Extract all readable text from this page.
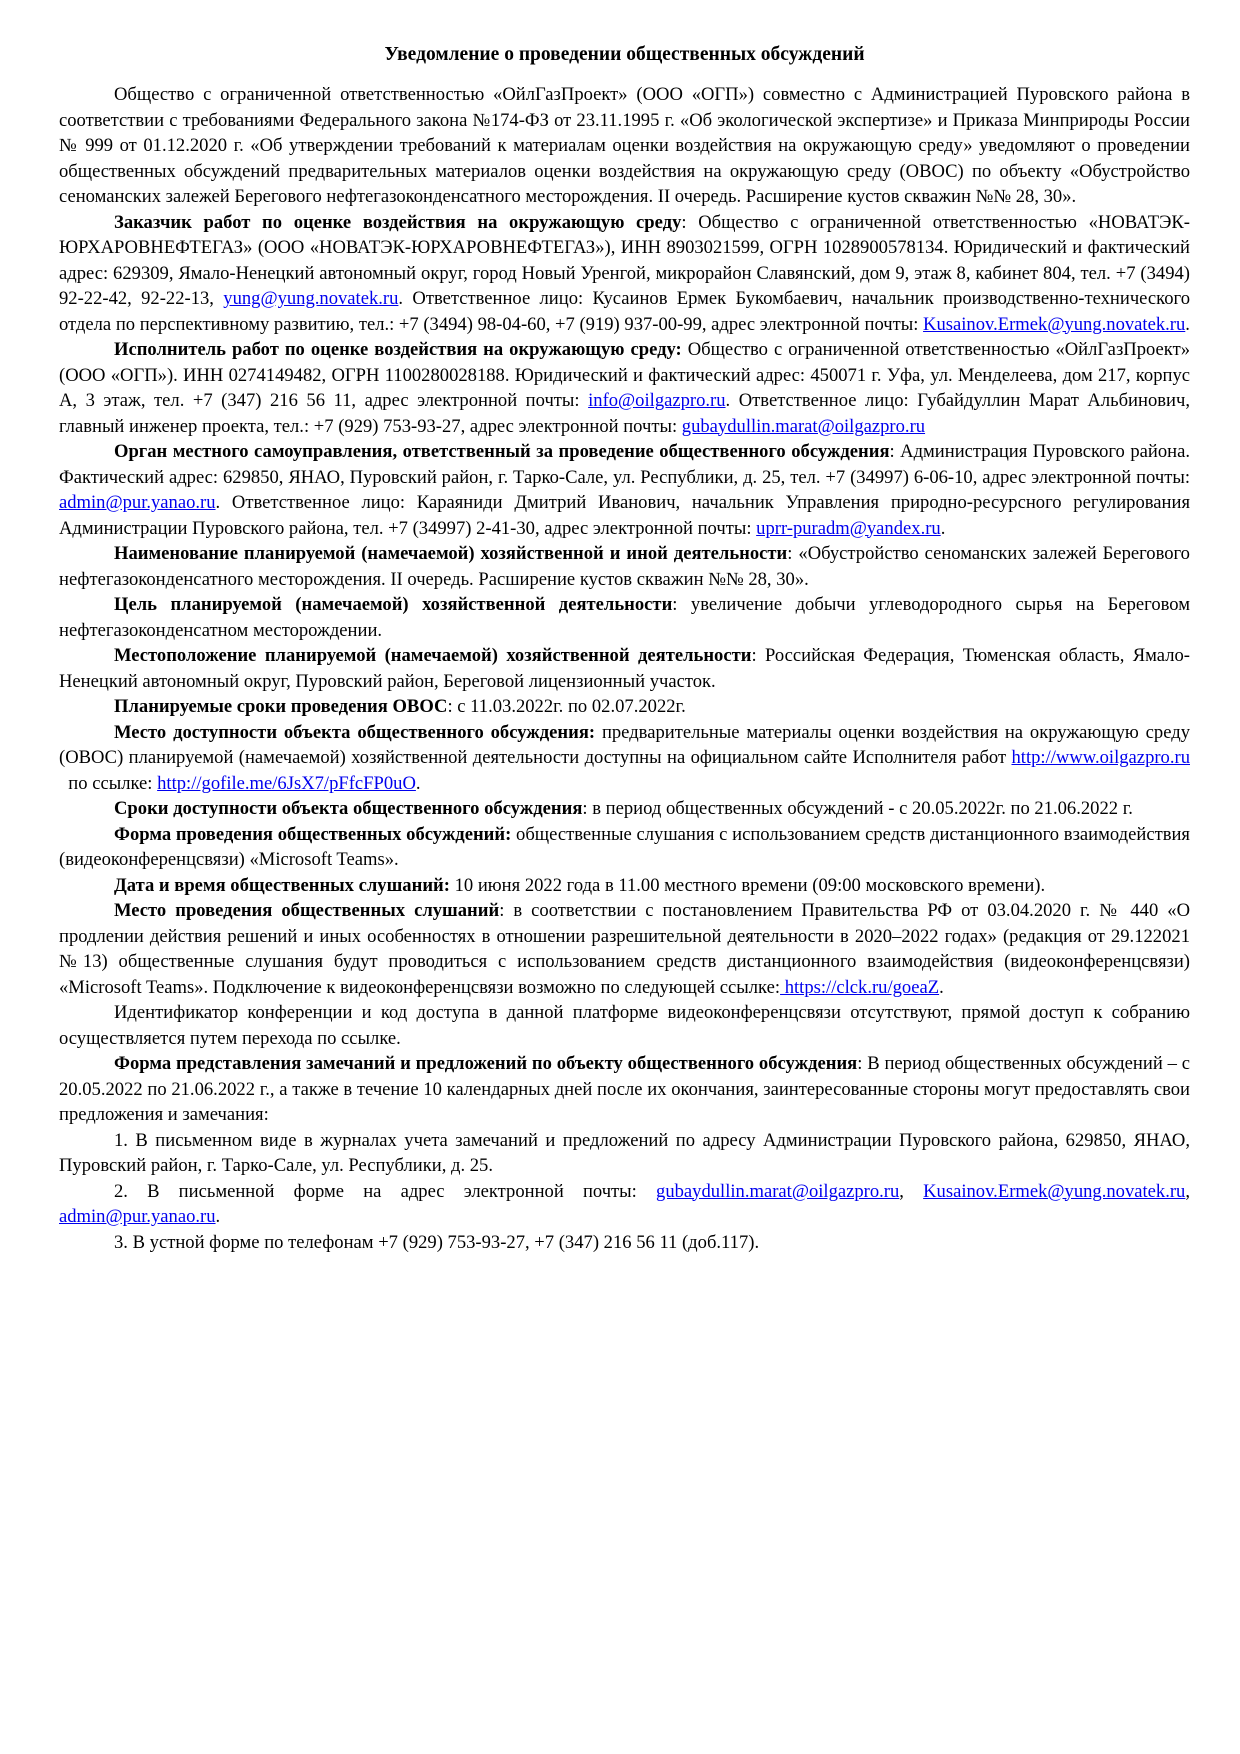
Уведомление о проведении общественных обсуждений

Общество с ограниченной ответственностью «ОйлГазПроект» (ООО «ОГП») совместно с Администрацией Пуровского района в соответствии с требованиями Федерального закона №174-ФЗ от 23.11.1995 г. «Об экологической экспертизе» и Приказа Минприроды России № 999 от 01.12.2020 г. «Об утверждении требований к материалам оценки воздействия на окружающую среду» уведомляют о проведении общественных обсуждений предварительных материалов оценки воздействия на окружающую среду (ОВОС) по объекту «Обустройство сеноманских залежей Берегового нефтегазоконденсатного месторождения. II очередь. Расширение кустов скважин №№ 28, 30».

Заказчик работ по оценке воздействия на окружающую среду: Общество с ограниченной ответственностью «НОВАТЭК-ЮРХАРОВНЕФТЕГАЗ» (ООО «НОВАТЭК-ЮРХАРОВНЕФТЕГАЗ»), ИНН 8903021599, ОГРН 1028900578134. Юридический и фактический адрес: 629309, Ямало-Ненецкий автономный округ, город Новый Уренгой, микрорайон Славянский, дом 9, этаж 8, кабинет 804, тел. +7 (3494) 92-22-42, 92-22-13, yung@yung.novatek.ru. Ответственное лицо: Кусаинов Ермек Букомбаевич, начальник производственно-технического отдела по перспективному развитию, тел.: +7 (3494) 98-04-60, +7 (919) 937-00-99, адрес электронной почты: Kusainov.Ermek@yung.novatek.ru.

Исполнитель работ по оценке воздействия на окружающую среду: Общество с ограниченной ответственностью «ОйлГазПроект» (ООО «ОГП»). ИНН 0274149482, ОГРН 1100280028188. Юридический и фактический адрес: 450071 г. Уфа, ул. Менделеева, дом 217, корпус А, 3 этаж, тел. +7 (347) 216 56 11, адрес электронной почты: info@oilgazpro.ru. Ответственное лицо: Губайдуллин Марат Альбинович, главный инженер проекта, тел.: +7 (929) 753-93-27, адрес электронной почты: gubaydullin.marat@oilgazpro.ru

Орган местного самоуправления, ответственный за проведение общественного обсуждения: Администрация Пуровского района. Фактический адрес: 629850, ЯНАО, Пуровский район, г. Тарко-Сале, ул. Республики, д. 25, тел. +7 (34997) 6-06-10, адрес электронной почты: admin@pur.yanao.ru. Ответственное лицо: Караяниди Дмитрий Иванович, начальник Управления природно-ресурсного регулирования Администрации Пуровского района, тел. +7 (34997) 2-41-30, адрес электронной почты: uprr-puradm@yandex.ru.

Наименование планируемой (намечаемой) хозяйственной и иной деятельности: «Обустройство сеноманских залежей Берегового нефтегазоконденсатного месторождения. II очередь. Расширение кустов скважин №№ 28, 30».

Цель планируемой (намечаемой) хозяйственной деятельности: увеличение добычи углеводородного сырья на Береговом нефтегазоконденсатном месторождении.

Местоположение планируемой (намечаемой) хозяйственной деятельности: Российская Федерация, Тюменская область, Ямало-Ненецкий автономный округ, Пуровский район, Береговой лицензионный участок.

Планируемые сроки проведения ОВОС: с 11.03.2022г. по 02.07.2022г.

Место доступности объекта общественного обсуждения: предварительные материалы оценки воздействия на окружающую среду (ОВОС) планируемой (намечаемой) хозяйственной деятельности доступны на официальном сайте Исполнителя работ http://www.oilgazpro.ru  по ссылке: http://gofile.me/6JsX7/pFfcFP0uO.

Сроки доступности объекта общественного обсуждения: в период общественных обсуждений - с 20.05.2022г. по 21.06.2022 г.

Форма проведения общественных обсуждений: общественные слушания с использованием средств дистанционного взаимодействия (видеоконференцсвязи) «Microsoft Teams».

Дата и время общественных слушаний: 10 июня 2022 года в 11.00 местного времени (09:00 московского времени).

Место проведения общественных слушаний: в соответствии с постановлением Правительства РФ от 03.04.2020 г. № 440 «О продлении действия решений и иных особенностях в отношении разрешительной деятельности в 2020–2022 годах» (редакция от 29.122021 №13) общественные слушания будут проводиться с использованием средств дистанционного взаимодействия (видеоконференцсвязи) «Microsoft Teams». Подключение к видеоконференцсвязи возможно по следующей ссылке: https://clck.ru/goeaZ.

Идентификатор конференции и код доступа в данной платформе видеоконференцсвязи отсутствуют, прямой доступ к собранию осуществляется путем перехода по ссылке.

Форма представления замечаний и предложений по объекту общественного обсуждения: В период общественных обсуждений – с 20.05.2022 по 21.06.2022 г., а также в течение 10 календарных дней после их окончания, заинтересованные стороны могут предоставлять свои предложения и замечания:

1. В письменном виде в журналах учета замечаний и предложений по адресу Администрации Пуровского района, 629850, ЯНАО, Пуровский район, г. Тарко-Сале, ул. Республики, д. 25.

2. В письменной форме на адрес электронной почты: gubaydullin.marat@oilgazpro.ru, Kusainov.Ermek@yung.novatek.ru, admin@pur.yanao.ru.

3. В устной форме по телефонам +7 (929) 753-93-27, +7 (347) 216 56 11 (доб.117).
